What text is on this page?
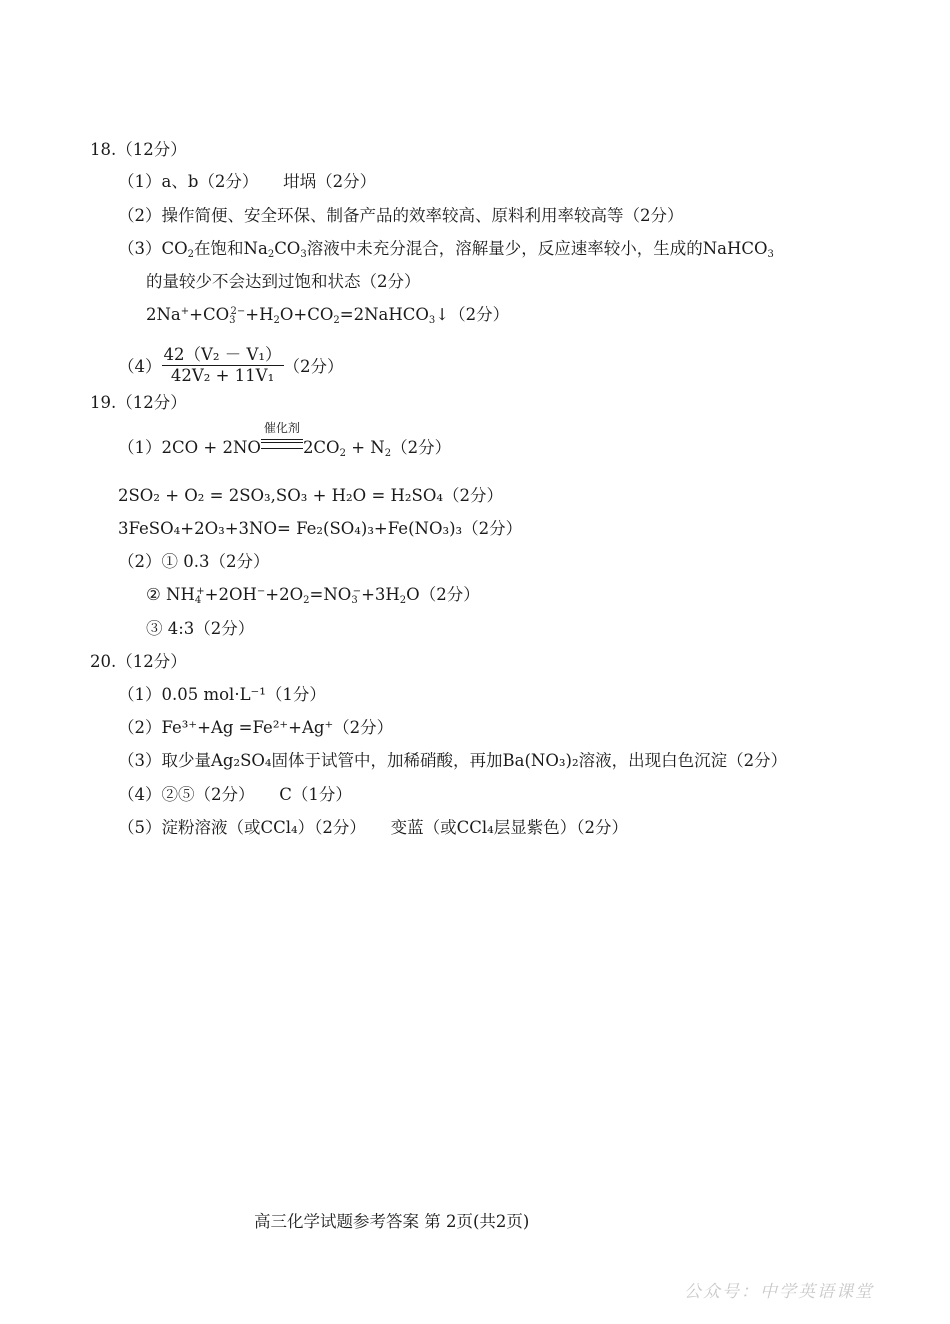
18.（12分）
（1）a、b（2分）　　坩埚（2分）
（2）操作简便、安全环保、制备产品的效率较高、原料利用率较高等（2分）
$(3)CO_2$在饱和$Na_2CO_3$溶液中未充分混合，溶解量少，反应速率较小，生成的NaHCO$_3$
的量较少不会达到过饱和状态（2分）
$2Na^++CO_3^{2-}+H_2O+CO_2=2NaHCO_3↓(2$分）
$(4) \frac{\text{42（V₂ － V₁）}}{\text{42V₂ + 11V₁}} (2$分）
19.（12分）
（1）2CO + 2NO
催化剂
$2CO_2 + N_2(2$分）
2SO₂ + O₂ = 2SO₃,SO₃ + H₂O = H₂SO₄（2分）
3FeSO₄+2O₃+3NO= Fe₂(SO₄)₃+Fe(NO₃)₃（2分）
（2）① 0.3（2分）
② $NH_4^++2OH^-+2O_2=NO_3^-+3H_2O(2$分）
③ 4:3（2分）
20.（12分）
（1）0.05 mol·L⁻¹（1分）
（2）Fe³⁺+Ag =Fe²⁺+Ag⁺（2分）
（3）取少量Ag₂SO₄固体于试管中，加稀硝酸，再加Ba(NO₃)₂溶液，出现白色沉淀（2分）
（4）②⑤（2分）　　C（1分）
（5）淀粉溶液（或CCl₄）（2分）　　变蓝（或CCl₄层显紫色）（2分）
高三化学试题参考答案 第 2页(共2页)
公众号：中学英语课堂
